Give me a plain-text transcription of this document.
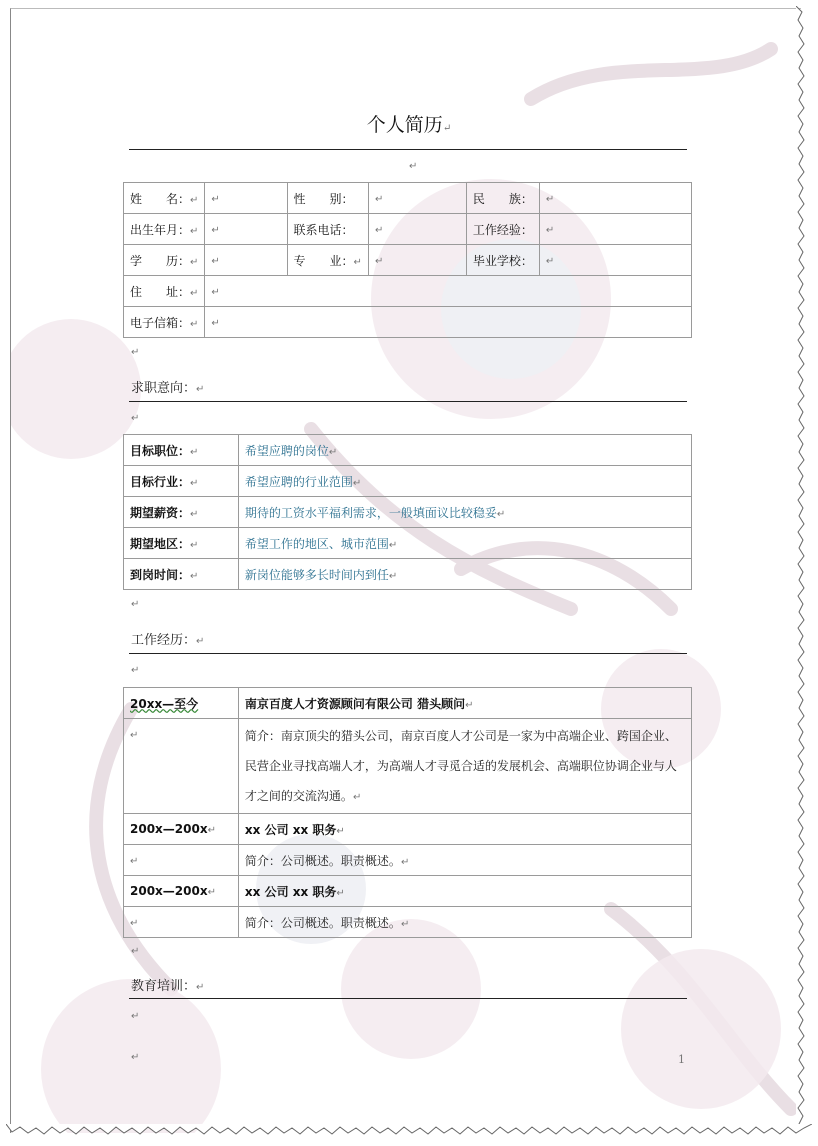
↵
个人简历↵
姓　　名：↵	↵	性　　别：	↵	民　　族：	↵
出生年月：↵	↵	联系电话：	↵	工作经验：	↵
学　　历：↵	↵	专　　业：↵	↵	毕业学校：	↵
住　　址：↵	↵				
电子信箱：↵	↵				
↵
求职意向：↵
↵
目标职位：↵	希望应聘的岗位↵
目标行业：↵	希望应聘的行业范围↵
期望薪资：↵	期待的工资水平福利需求，一般填面议比较稳妥↵
期望地区：↵	希望工作的地区、城市范围↵
到岗时间：↵	新岗位能够多长时间内到任↵
↵
工作经历：↵
↵
20xx—至今	南京百度人才资源顾问有限公司 猎头顾问↵
↵	简介：南京顶尖的猎头公司，南京百度人才公司是一家为中高端企业、跨国企业、民营企业寻找高端人才，为高端人才寻觅合适的发展机会、高端职位协调企业与人才之间的交流沟通。↵
200x—200x↵	xx 公司 xx 职务↵
↵	简介：公司概述。职责概述。↵
200x—200x↵	xx 公司 xx 职务↵
↵	简介：公司概述。职责概述。↵
↵
教育培训：↵
↵
↵	1
